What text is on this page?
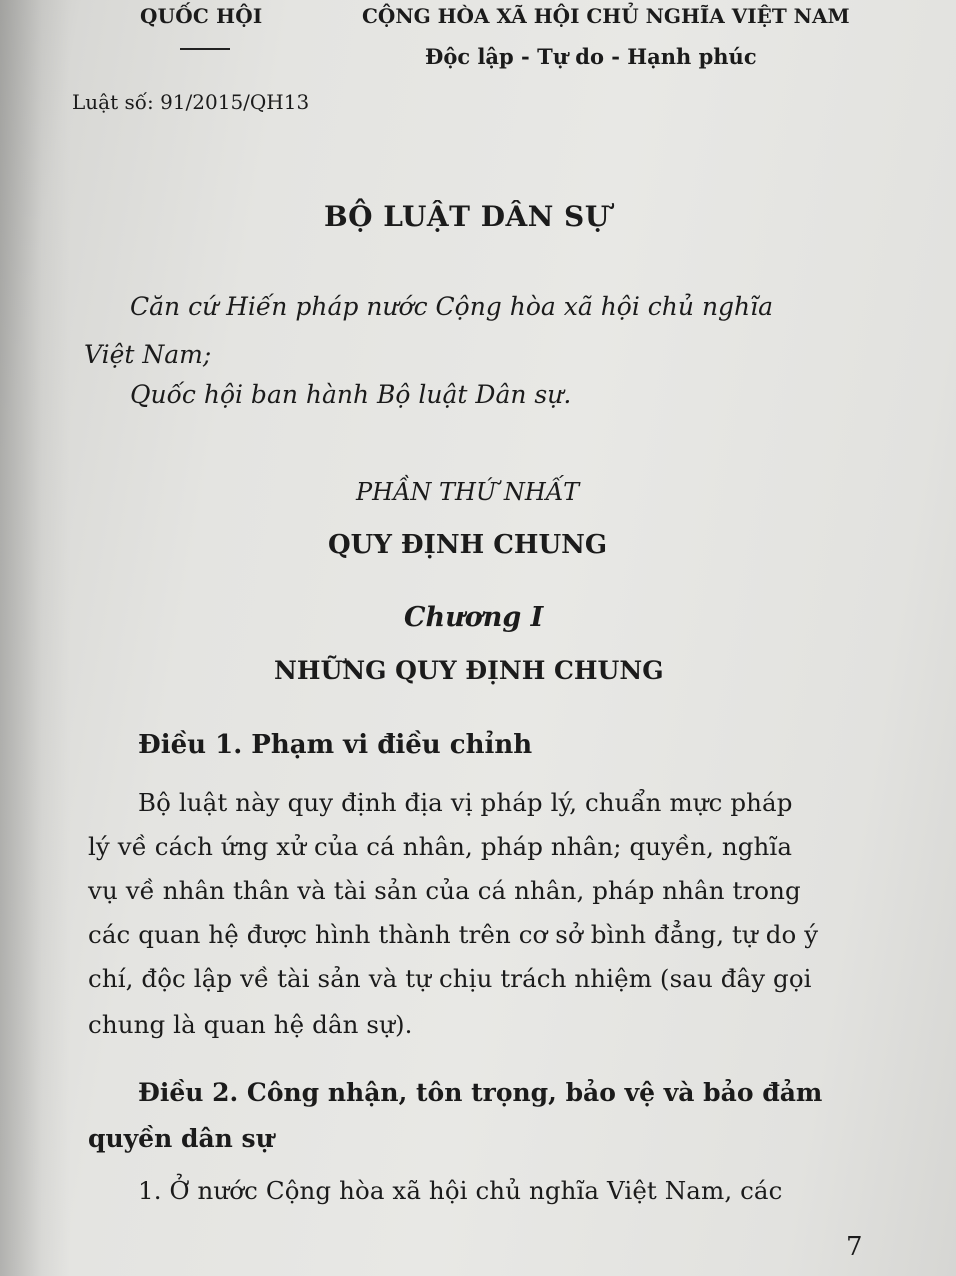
QUỐC HỘI	CỘNG HÒA XÃ HỘI CHỦ NGHĨA VIỆT NAM

Độc lập - Tự do - Hạnh phúc

Luật số: 91/2015/QH13

BỘ LUẬT DÂN SỰ

Căn cứ Hiến pháp nước Cộng hòa xã hội chủ nghĩa

Việt Nam;

Quốc hội ban hành Bộ luật Dân sự.

PHẦN THỨ NHẤT

QUY ĐỊNH CHUNG

Chương I

NHỮNG QUY ĐỊNH CHUNG
Điều 1. Phạm vi điều chỉnh

Bộ luật này quy định địa vị pháp lý, chuẩn mực pháp

lý về cách ứng xử của cá nhân, pháp nhân; quyền, nghĩa

vụ về nhân thân và tài sản của cá nhân, pháp nhân trong

các quan hệ được hình thành trên cơ sở bình đẳng, tự do ý

chí, độc lập về tài sản và tự chịu trách nhiệm (sau đây gọi

chung là quan hệ dân sự).

Điều 2. Công nhận, tôn trọng, bảo vệ và bảo đảm
quyền dân sự

1. Ở nước Cộng hòa xã hội chủ nghĩa Việt Nam, các

7
